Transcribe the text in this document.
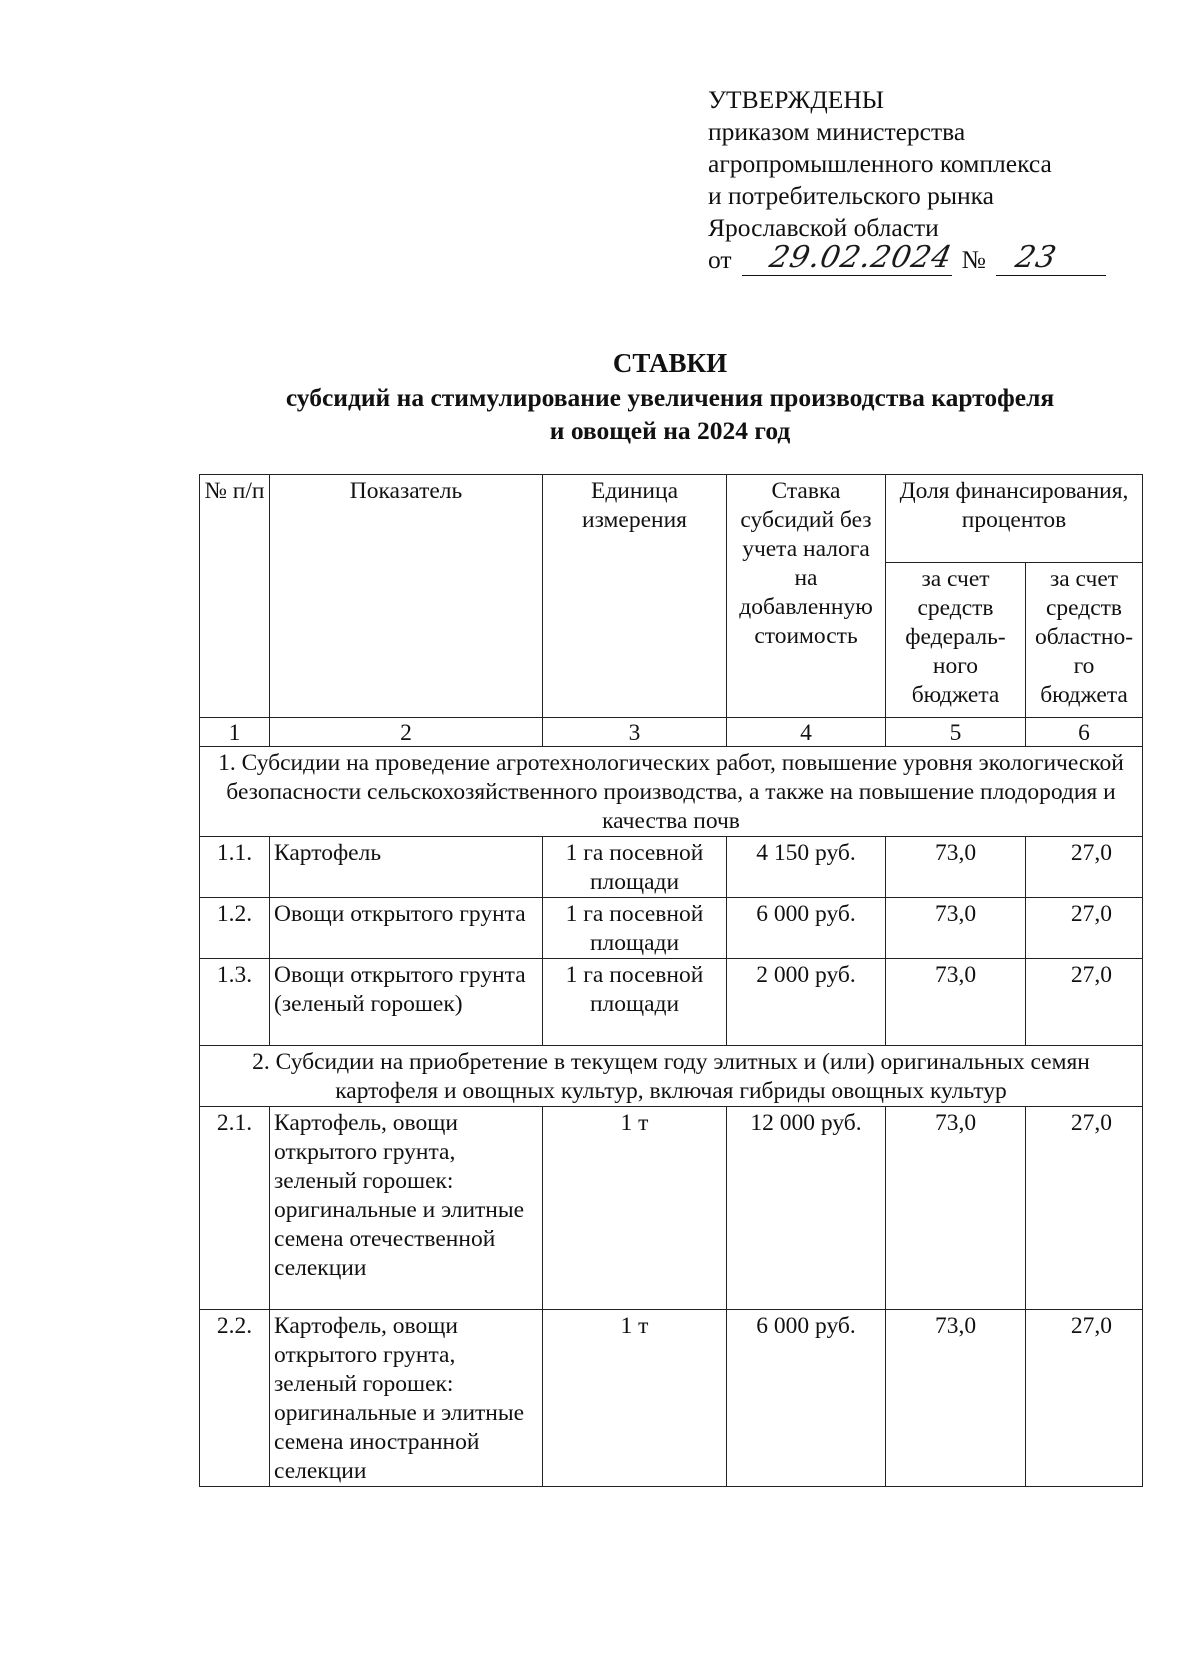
УТВЕРЖДЕНЫ
приказом министерства
агропромышленного комплекса
и потребительского рынка
Ярославской области
от 29.02.2024 № 23
СТАВКИ
субсидий на стимулирование увеличения производства картофеля
и овощей на 2024 год
№ п/п	Показатель	Единица измерения	Ставка субсидий без учета налога на добавленную стоимость	Доля финансирования, процентов	
				за счет средств федераль-ного бюджета	за счет средств областно-го бюджета
1	2	3	4	5	6
1. Субсидии на проведение агротехнологических работ, повышение уровня экологической безопасности сельскохозяйственного производства, а также на повышение плодородия и качества почв					
1.1.	Картофель	1 га посевной площади	4 150 руб.	73,0	27,0
1.2.	Овощи открытого грунта	1 га посевной площади	6 000 руб.	73,0	27,0
1.3.	Овощи открытого грунта (зеленый горошек)	1 га посевной площади	2 000 руб.	73,0	27,0
2. Субсидии на приобретение в текущем году элитных и (или) оригинальных семян картофеля и овощных культур, включая гибриды овощных культур					
2.1.	Картофель, овощи открытого грунта, зеленый горошек: оригинальные и элитные семена отечественной селекции	1 т	12 000 руб.	73,0	27,0
2.2.	Картофель, овощи открытого грунта, зеленый горошек: оригинальные и элитные семена иностранной селекции	1 т	6 000 руб.	73,0	27,0
